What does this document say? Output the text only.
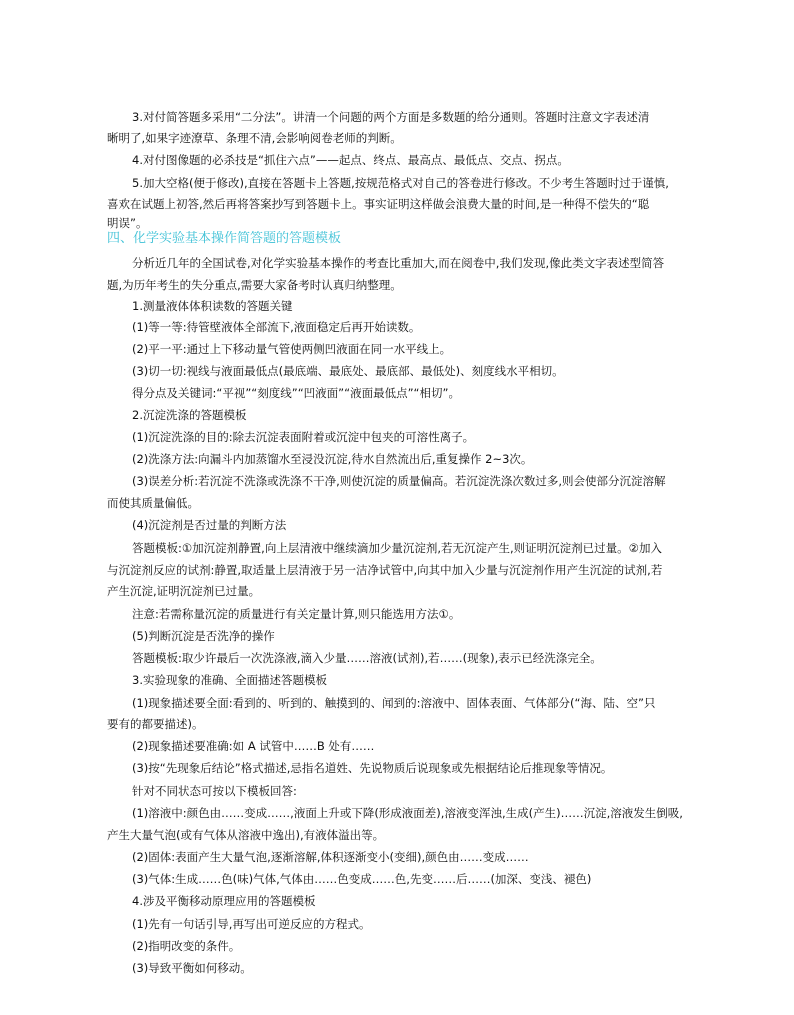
3.对付简答题多采用“二分法”。讲清一个问题的两个方面是多数题的给分通则。答题时注意文字表述清
晰明了,如果字迹潦草、条理不清,会影响阅卷老师的判断。
4.对付图像题的必杀技是“抓住六点”——起点、终点、最高点、最低点、交点、拐点。
5.加大空格(便于修改),直接在答题卡上答题,按规范格式对自己的答卷进行修改。不少考生答题时过于谨慎,
喜欢在试题上初答,然后再将答案抄写到答题卡上。事实证明这样做会浪费大量的时间,是一种得不偿失的“聪
明误”。
四、化学实验基本操作简答题的答题模板
分析近几年的全国试卷,对化学实验基本操作的考查比重加大,而在阅卷中,我们发现,像此类文字表述型简答
题,为历年考生的失分重点,需要大家备考时认真归纳整理。
1.测量液体体积读数的答题关键
(1)等一等:待管壁液体全部流下,液面稳定后再开始读数。
(2)平一平:通过上下移动量气管使两侧凹液面在同一水平线上。
(3)切一切:视线与液面最低点(最底端、最底处、最底部、最低处)、刻度线水平相切。
得分点及关键词:“平视”“刻度线”“凹液面”“液面最低点”“相切”。
2.沉淀洗涤的答题模板
(1)沉淀洗涤的目的:除去沉淀表面附着或沉淀中包夹的可溶性离子。
(2)洗涤方法:向漏斗内加蒸馏水至浸没沉淀,待水自然流出后,重复操作 2~3次。
(3)误差分析:若沉淀不洗涤或洗涤不干净,则使沉淀的质量偏高。若沉淀洗涤次数过多,则会使部分沉淀溶解
而使其质量偏低。
(4)沉淀剂是否过量的判断方法
答题模板:①加沉淀剂静置,向上层清液中继续滴加少量沉淀剂,若无沉淀产生,则证明沉淀剂已过量。②加入
与沉淀剂反应的试剂:静置,取适量上层清液于另一洁净试管中,向其中加入少量与沉淀剂作用产生沉淀的试剂,若
产生沉淀,证明沉淀剂已过量。
注意:若需称量沉淀的质量进行有关定量计算,则只能选用方法①。
(5)判断沉淀是否洗净的操作
答题模板:取少许最后一次洗涤液,滴入少量……溶液(试剂),若……(现象),表示已经洗涤完全。
3.实验现象的准确、全面描述答题模板
(1)现象描述要全面:看到的、听到的、触摸到的、闻到的:溶液中、固体表面、气体部分(“海、陆、空”只
要有的都要描述)。
(2)现象描述要准确:如 A 试管中……B 处有……
(3)按“先现象后结论”格式描述,忌指名道姓、先说物质后说现象或先根据结论后推现象等情况。
针对不同状态可按以下模板回答:
(1)溶液中:颜色由……变成……,液面上升或下降(形成液面差),溶液变浑浊,生成(产生)……沉淀,溶液发生倒吸,
产生大量气泡(或有气体从溶液中逸出),有液体溢出等。
(2)固体:表面产生大量气泡,逐渐溶解,体积逐渐变小(变细),颜色由……变成……
(3)气体:生成……色(味)气体,气体由……色变成……色,先变……后……(加深、变浅、褪色)
4.涉及平衡移动原理应用的答题模板
(1)先有一句话引导,再写出可逆反应的方程式。
(2)指明改变的条件。
(3)导致平衡如何移动。
